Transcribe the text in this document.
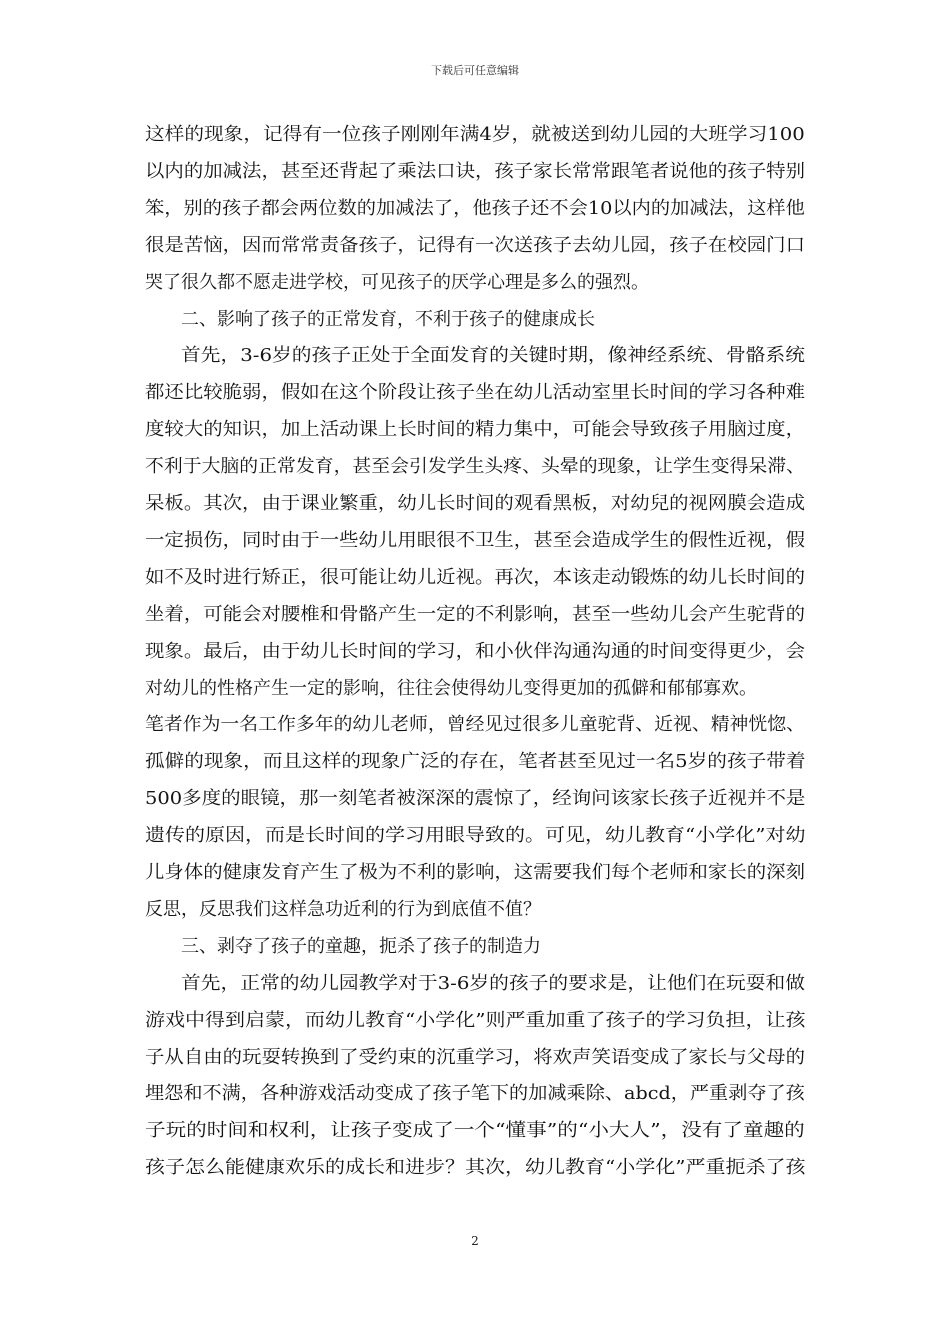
下载后可任意编辑
这样的现象，记得有一位孩子刚刚年满4岁，就被送到幼儿园的大班学习100
以内的加减法，甚至还背起了乘法口诀，孩子家长常常跟笔者说他的孩子特别
笨，别的孩子都会两位数的加减法了，他孩子还不会10以内的加减法，这样他
很是苦恼，因而常常责备孩子，记得有一次送孩子去幼儿园，孩子在校园门口
哭了很久都不愿走进学校，可见孩子的厌学心理是多么的强烈。
二、影响了孩子的正常发育，不利于孩子的健康成长
首先，3-6岁的孩子正处于全面发育的关键时期，像神经系统、骨骼系统
都还比较脆弱，假如在这个阶段让孩子坐在幼儿活动室里长时间的学习各种难
度较大的知识，加上活动课上长时间的精力集中，可能会导致孩子用脑过度，
不利于大脑的正常发育，甚至会引发学生头疼、头晕的现象，让学生变得呆滞、
呆板。其次，由于课业繁重，幼儿长时间的观看黑板，对幼兒的视网膜会造成
一定损伤，同时由于一些幼儿用眼很不卫生，甚至会造成学生的假性近视，假
如不及时进行矫正，很可能让幼儿近视。再次，本该走动锻炼的幼儿长时间的
坐着，可能会对腰椎和骨骼产生一定的不利影响，甚至一些幼儿会产生驼背的
现象。最后，由于幼儿长时间的学习，和小伙伴沟通沟通的时间变得更少，会
对幼儿的性格产生一定的影响，往往会使得幼儿变得更加的孤僻和郁郁寡欢。
笔者作为一名工作多年的幼儿老师，曾经见过很多儿童驼背、近视、精神恍惚、
孤僻的现象，而且这样的现象广泛的存在，笔者甚至见过一名5岁的孩子带着
500多度的眼镜，那一刻笔者被深深的震惊了，经询问该家长孩子近视并不是
遗传的原因，而是长时间的学习用眼导致的。可见，幼儿教育“小学化”对幼
儿身体的健康发育产生了极为不利的影响，这需要我们每个老师和家长的深刻
反思，反思我们这样急功近利的行为到底值不值？
三、剥夺了孩子的童趣，扼杀了孩子的制造力
首先，正常的幼儿园教学对于3-6岁的孩子的要求是，让他们在玩耍和做
游戏中得到启蒙，而幼儿教育“小学化”则严重加重了孩子的学习负担，让孩
子从自由的玩耍转换到了受约束的沉重学习，将欢声笑语变成了家长与父母的
埋怨和不满，各种游戏活动变成了孩子笔下的加减乘除、abcd，严重剥夺了孩
子玩的时间和权利，让孩子变成了一个“懂事”的“小大人”，没有了童趣的
孩子怎么能健康欢乐的成长和进步？其次，幼儿教育“小学化”严重扼杀了孩
2
